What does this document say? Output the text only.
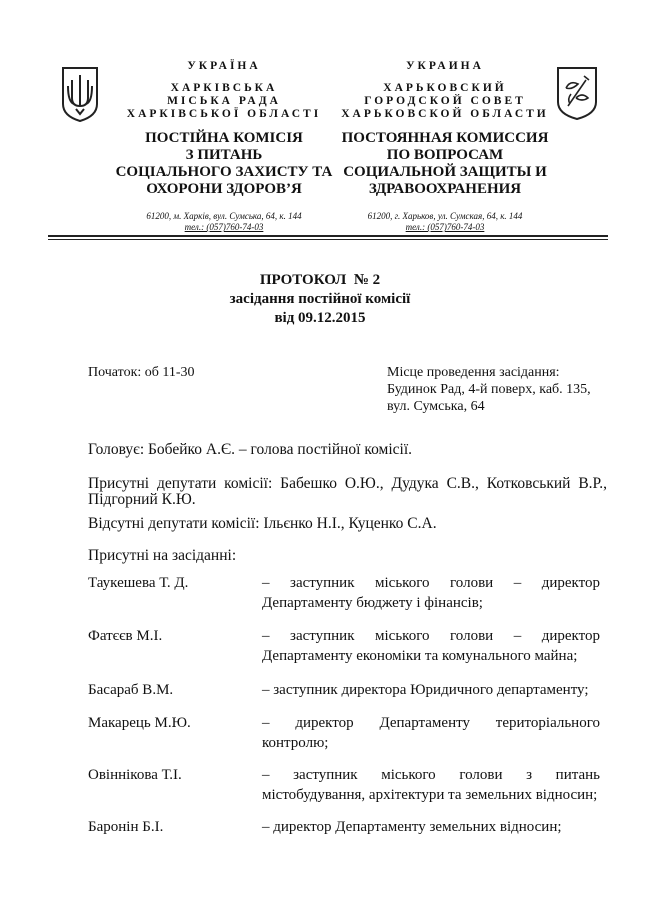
УКРАЇНА
ХАРКІВСЬКА
МІСЬКА РАДА
ХАРКІВСЬКОЇ ОБЛАСТІ
ПОСТІЙНА КОМІСІЯ
З ПИТАНЬ
СОЦІАЛЬНОГО ЗАХИСТУ ТА
ОХОРОНИ ЗДОРОВ’Я
61200, м. Харків, вул. Сумська, 64, к. 144
тел.: (057)760-74-03
УКРАИНА
ХАРЬКОВСКИЙ
ГОРОДСКОЙ СОВЕТ
ХАРЬКОВСКОЙ ОБЛАСТИ
ПОСТОЯННАЯ КОМИССИЯ
ПО ВОПРОСАМ
СОЦИАЛЬНОЙ ЗАЩИТЫ И
ЗДРАВООХРАНЕНИЯ
61200, г. Харьков, ул. Сумская, 64, к. 144
тел.: (057)760-74-03
ПРОТОКОЛ  № 2
засідання постійної комісії
від 09.12.2015
Початок: об 11-30	Місце проведення засідання:
Будинок Рад, 4-й поверх, каб. 135,
вул. Сумська, 64
Головує: Бобейко А.Є. – голова постійної комісії.
Присутні депутати комісії: Бабешко О.Ю., Дудука С.В., Котковський В.Р.,
Підгорний К.Ю.
Відсутні депутати комісії: Ільєнко Н.І., Куценко С.А.
Присутні на засіданні:
Таукешева Т. Д.	– заступник міського голови – директор
Департаменту бюджету і фінансів;
Фатєєв М.І.	– заступник міського голови – директор
Департаменту економіки та комунального майна;
Басараб В.М.	– заступник директора Юридичного департаменту;
Макарець М.Ю.	– директор Департаменту територіального
контролю;
Овіннікова Т.І.	– заступник міського голови з питань
містобудування, архітектури та земельних відносин;
Баронін Б.І.	– директор Департаменту земельних відносин;
